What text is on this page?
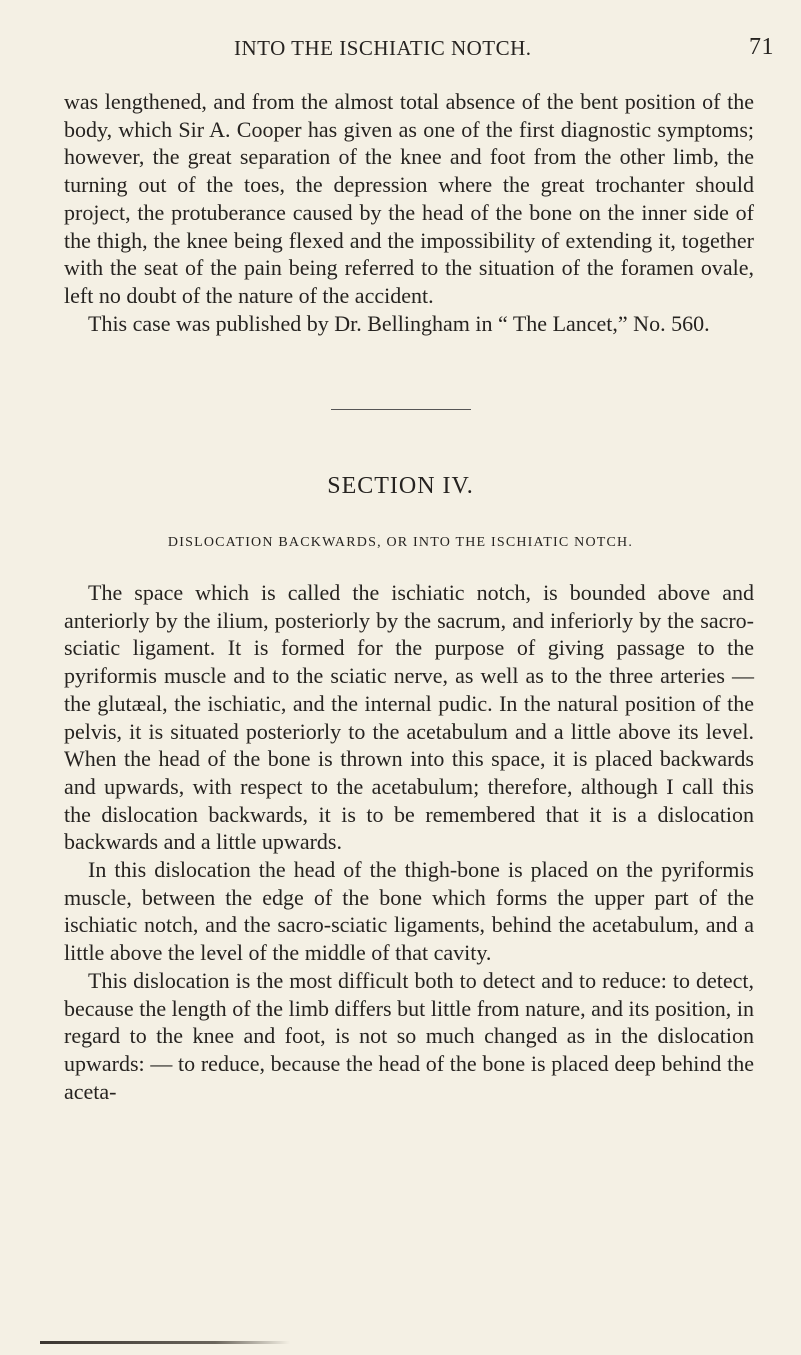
INTO THE ISCHIATIC NOTCH.	71

was lengthened, and from the almost total absence of the bent position of the body, which Sir A. Cooper has given as one of the first diagnostic symptoms; however, the great separation of the knee and foot from the other limb, the turning out of the toes, the depression where the great trochanter should project, the protuberance caused by the head of the bone on the inner side of the thigh, the knee being flexed and the impossibility of extending it, together with the seat of the pain being referred to the situation of the foramen ovale, left no doubt of the nature of the accident.

This case was published by Dr. Bellingham in “ The Lancet,” No. 560.

SECTION IV.
DISLOCATION BACKWARDS, OR INTO THE ISCHIATIC NOTCH.

The space which is called the ischiatic notch, is bounded above and anteriorly by the ilium, posteriorly by the sacrum, and inferiorly by the sacro-sciatic ligament. It is formed for the purpose of giving passage to the pyriformis muscle and to the sciatic nerve, as well as to the three arteries — the glutæal, the ischiatic, and the internal pudic. In the natural position of the pelvis, it is situated posteriorly to the acetabulum and a little above its level. When the head of the bone is thrown into this space, it is placed backwards and upwards, with respect to the acetabulum; therefore, although I call this the dislocation backwards, it is to be remembered that it is a dislocation backwards and a little upwards.

In this dislocation the head of the thigh-bone is placed on the pyriformis muscle, between the edge of the bone which forms the upper part of the ischiatic notch, and the sacro-sciatic ligaments, behind the acetabulum, and a little above the level of the middle of that cavity.

This dislocation is the most difficult both to detect and to reduce: to detect, because the length of the limb differs but little from nature, and its position, in regard to the knee and foot, is not so much changed as in the dislocation upwards: — to reduce, because the head of the bone is placed deep behind the aceta-
